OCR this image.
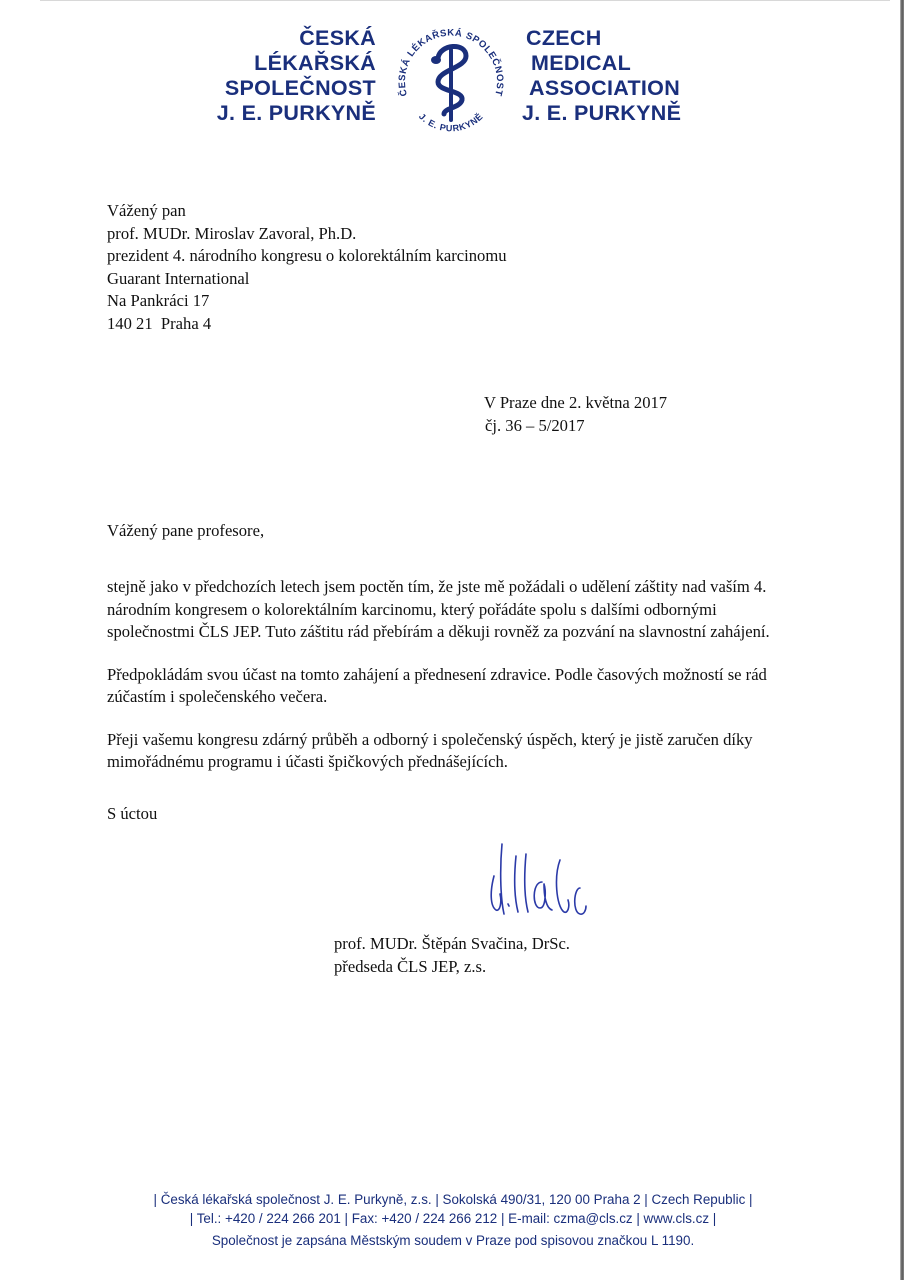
ČESKÁ
LÉKAŘSKÁ
SPOLEČNOST
J. E. PURKYNĚ
ČESKÁ LÉKAŘSKÁ SPOLEČNOST
J. E. PURKYNĚ
CZECH
MEDICAL
ASSOCIATION
J. E. PURKYNĚ
Vážený pan
prof. MUDr. Miroslav Zavoral, Ph.D.
prezident 4. národního kongresu o kolorektálním karcinomu
Guarant International
Na Pankráci 17
140 21  Praha 4
V Praze dne 2. května 2017
čj. 36 – 5/2017
Vážený pane profesore,

stejně jako v předchozích letech jsem poctěn tím, že jste mě požádali o udělení záštity nad vaším 4. národním kongresem o kolorektálním karcinomu, který pořádáte spolu s dalšími odbornými společnostmi ČLS JEP. Tuto záštitu rád přebírám a děkuji rovněž za pozvání na slavnostní zahájení.

Předpokládám svou účast na tomto zahájení a přednesení zdravice. Podle časových možností se rád zúčastím i společenského večera.

Přeji vašemu kongresu zdárný průběh a odborný i společenský úspěch, který je jistě zaručen díky mimořádnému programu i účasti špičkových přednášejících.

S úctou
prof. MUDr. Štěpán Svačina, DrSc.
předseda ČLS JEP, z.s.
| Česká lékařská společnost J. E. Purkyně, z.s. | Sokolská 490/31, 120 00 Praha 2 | Czech Republic |
| Tel.: +420 / 224 266 201 | Fax: +420 / 224 266 212 | E-mail: czma@cls.cz | www.cls.cz |
Společnost je zapsána Městským soudem v Praze pod spisovou značkou L 1190.
